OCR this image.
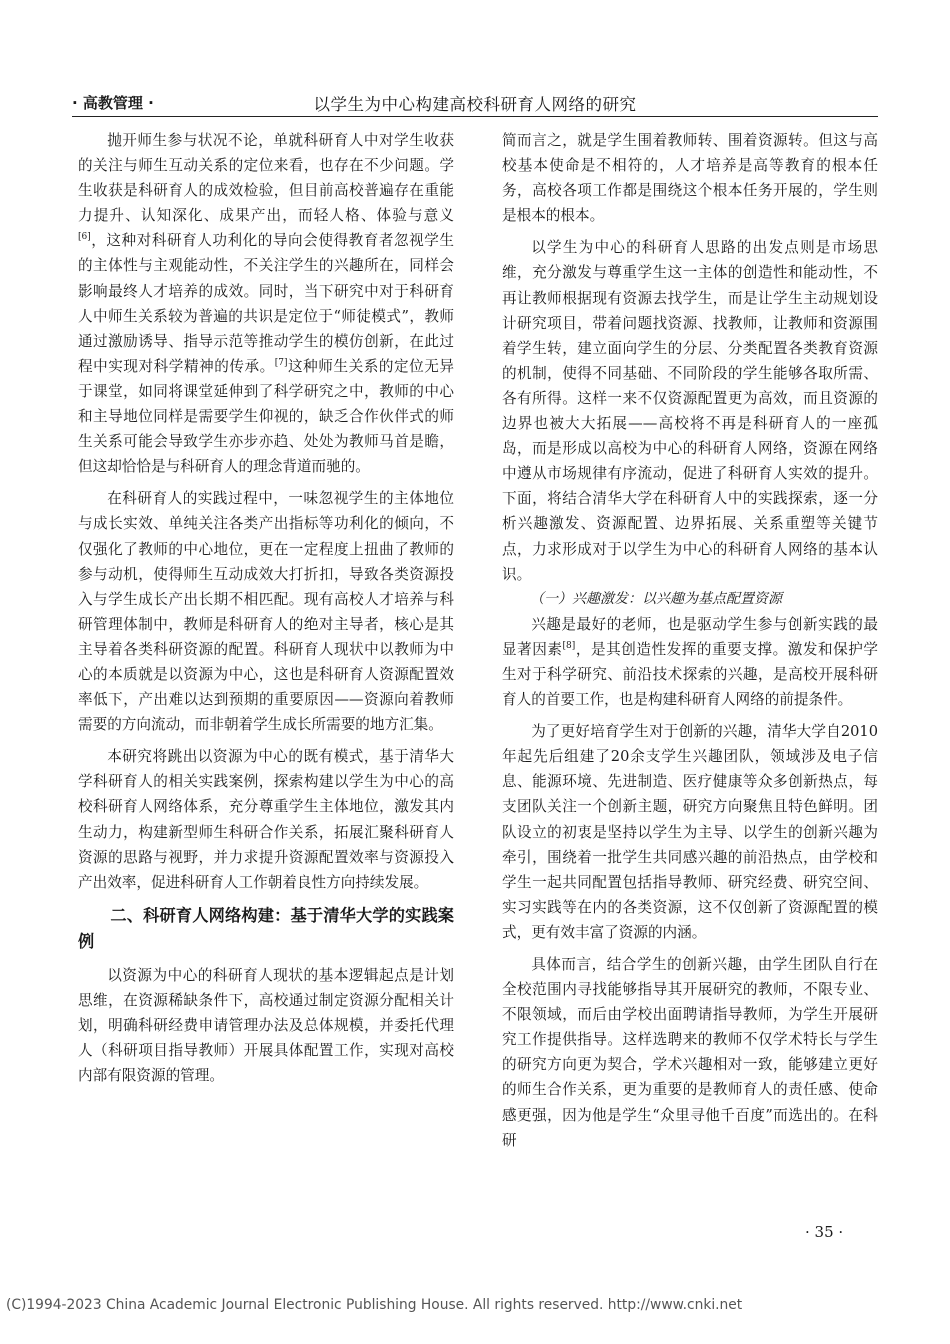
· 高教管理 ·	以学生为中心构建高校科研育人网络的研究

抛开师生参与状况不论，单就科研育人中对学生收获的关注与师生互动关系的定位来看，也存在不少问题。学生收获是科研育人的成效检验，但目前高校普遍存在重能力提升、认知深化、成果产出，而轻人格、体验与意义[6]，这种对科研育人功利化的导向会使得教育者忽视学生的主体性与主观能动性，不关注学生的兴趣所在，同样会影响最终人才培养的成效。同时，当下研究中对于科研育人中师生关系较为普遍的共识是定位于“师徒模式”，教师通过激励诱导、指导示范等推动学生的模仿创新，在此过程中实现对科学精神的传承。[7]这种师生关系的定位无异于课堂，如同将课堂延伸到了科学研究之中，教师的中心和主导地位同样是需要学生仰视的，缺乏合作伙伴式的师生关系可能会导致学生亦步亦趋、处处为教师马首是瞻，但这却恰恰是与科研育人的理念背道而驰的。

在科研育人的实践过程中，一味忽视学生的主体地位与成长实效、单纯关注各类产出指标等功利化的倾向，不仅强化了教师的中心地位，更在一定程度上扭曲了教师的参与动机，使得师生互动成效大打折扣，导致各类资源投入与学生成长产出长期不相匹配。现有高校人才培养与科研管理体制中，教师是科研育人的绝对主导者，核心是其主导着各类科研资源的配置。科研育人现状中以教师为中心的本质就是以资源为中心，这也是科研育人资源配置效率低下，产出难以达到预期的重要原因——资源向着教师需要的方向流动，而非朝着学生成长所需要的地方汇集。

本研究将跳出以资源为中心的既有模式，基于清华大学科研育人的相关实践案例，探索构建以学生为中心的高校科研育人网络体系，充分尊重学生主体地位，激发其内生动力，构建新型师生科研合作关系，拓展汇聚科研育人资源的思路与视野，并力求提升资源配置效率与资源投入产出效率，促进科研育人工作朝着良性方向持续发展。

二、科研育人网络构建：基于清华大学的实践案例

以资源为中心的科研育人现状的基本逻辑起点是计划思维，在资源稀缺条件下，高校通过制定资源分配相关计划，明确科研经费申请管理办法及总体规模，并委托代理人（科研项目指导教师）开展具体配置工作，实现对高校内部有限资源的管理。

简而言之，就是学生围着教师转、围着资源转。但这与高校基本使命是不相符的，人才培养是高等教育的根本任务，高校各项工作都是围绕这个根本任务开展的，学生则是根本的根本。

以学生为中心的科研育人思路的出发点则是市场思维，充分激发与尊重学生这一主体的创造性和能动性，不再让教师根据现有资源去找学生，而是让学生主动规划设计研究项目，带着问题找资源、找教师，让教师和资源围着学生转，建立面向学生的分层、分类配置各类教育资源的机制，使得不同基础、不同阶段的学生能够各取所需、各有所得。这样一来不仅资源配置更为高效，而且资源的边界也被大大拓展——高校将不再是科研育人的一座孤岛，而是形成以高校为中心的科研育人网络，资源在网络中遵从市场规律有序流动，促进了科研育人实效的提升。下面，将结合清华大学在科研育人中的实践探索，逐一分析兴趣激发、资源配置、边界拓展、关系重塑等关键节点，力求形成对于以学生为中心的科研育人网络的基本认识。

（一）兴趣激发：以兴趣为基点配置资源

兴趣是最好的老师，也是驱动学生参与创新实践的最显著因素[8]，是其创造性发挥的重要支撑。激发和保护学生对于科学研究、前沿技术探索的兴趣，是高校开展科研育人的首要工作，也是构建科研育人网络的前提条件。

为了更好培育学生对于创新的兴趣，清华大学自2010年起先后组建了20余支学生兴趣团队，领域涉及电子信息、能源环境、先进制造、医疗健康等众多创新热点，每支团队关注一个创新主题，研究方向聚焦且特色鲜明。团队设立的初衷是坚持以学生为主导、以学生的创新兴趣为牵引，围绕着一批学生共同感兴趣的前沿热点，由学校和学生一起共同配置包括指导教师、研究经费、研究空间、实习实践等在内的各类资源，这不仅创新了资源配置的模式，更有效丰富了资源的内涵。

具体而言，结合学生的创新兴趣，由学生团队自行在全校范围内寻找能够指导其开展研究的教师，不限专业、不限领域，而后由学校出面聘请指导教师，为学生开展研究工作提供指导。这样选聘来的教师不仅学术特长与学生的研究方向更为契合，学术兴趣相对一致，能够建立更好的师生合作关系，更为重要的是教师育人的责任感、使命感更强，因为他是学生“众里寻他千百度”而选出的。在科研

· 35 ·
(C)1994-2023 China Academic Journal Electronic Publishing House. All rights reserved. http://www.cnki.net
